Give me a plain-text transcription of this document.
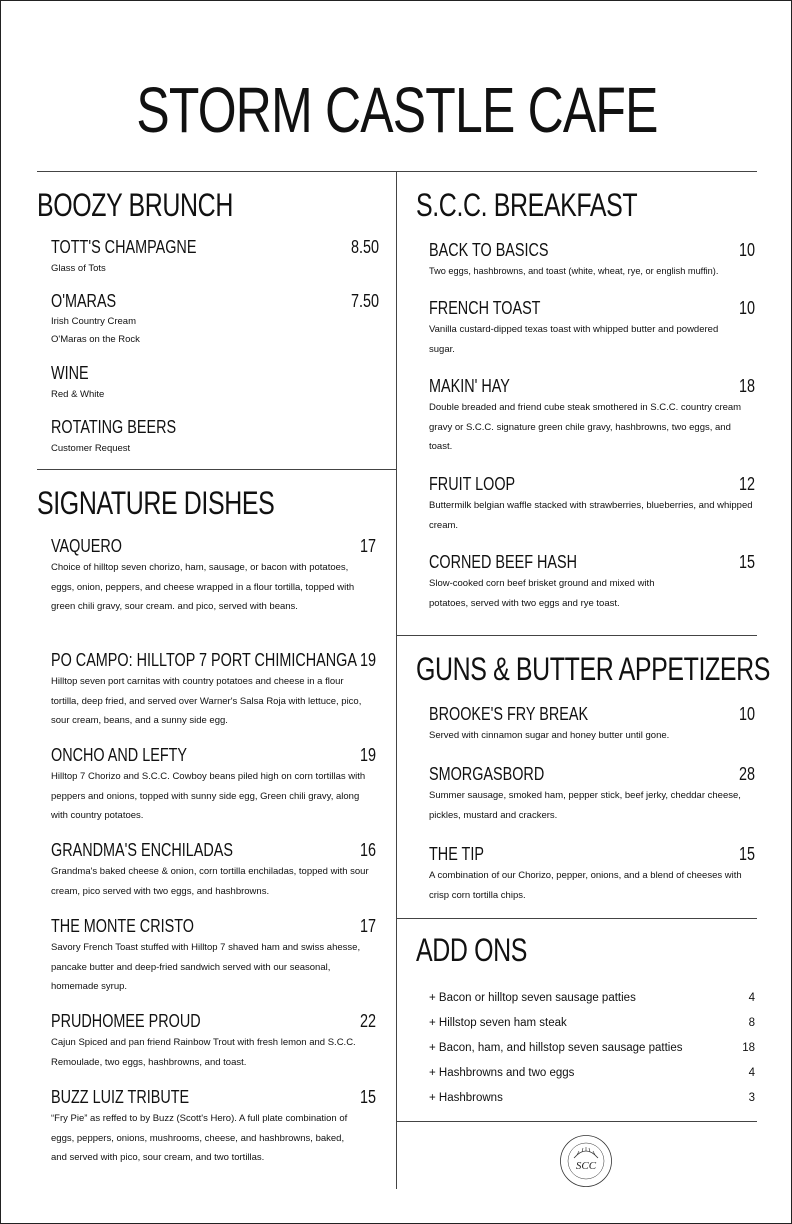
STORM CASTLE CAFE
BOOZY BRUNCH
TOTT'S CHAMPAGNE	8.50
Glass of Tots
O'MARAS	7.50
Irish Country Cream
O'Maras on the Rock
WINE
Red & White
ROTATING BEERS
Customer Request
SIGNATURE DISHES
VAQUERO	17
Choice of hilltop seven chorizo, ham, sausage, or bacon with potatoes, eggs, onion, peppers, and cheese wrapped in a flour tortilla, topped with green chili gravy, sour cream. and pico, served with beans.
PO CAMPO: HILLTOP 7 PORT CHIMICHANGA 19
Hilltop seven port carnitas with country potatoes and cheese in a flour tortilla, deep fried, and served over Warner's Salsa Roja with lettuce, pico, sour cream, beans, and a sunny side egg.
ONCHO AND LEFTY	19
Hilltop 7 Chorizo and S.C.C. Cowboy beans piled high on corn tortillas with peppers and onions, topped with sunny side egg, Green chili gravy, along with country potatoes.
GRANDMA'S ENCHILADAS	16
Grandma's baked cheese & onion, corn tortilla enchiladas, topped with sour cream, pico served with two eggs, and hashbrowns.
THE MONTE CRISTO	17
Savory French Toast stuffed with Hilltop 7 shaved ham and swiss ahesse, pancake butter and deep-fried sandwich served with our seasonal, homemade syrup.
PRUDHOMEE PROUD	22
Cajun Spiced and pan friend Rainbow Trout with fresh lemon and S.C.C. Remoulade, two eggs, hashbrowns, and toast.
BUZZ LUIZ TRIBUTE	15
“Fry Pie” as reffed to by Buzz (Scott's Hero). A full plate combination of eggs, peppers, onions, mushrooms, cheese, and hashbrowns, baked, and served with pico, sour cream, and two tortillas.
S.C.C. BREAKFAST
BACK TO BASICS	10
Two eggs, hashbrowns, and toast (white, wheat, rye, or english muffin).
FRENCH TOAST	10
Vanilla custard-dipped texas toast with whipped butter and powdered sugar.
MAKIN' HAY	18
Double breaded and friend cube steak smothered in S.C.C. country cream gravy or S.C.C. signature green chile gravy, hashbrowns, two eggs, and toast.
FRUIT LOOP	12
Buttermilk belgian waffle stacked with strawberries, blueberries, and whipped cream.
CORNED BEEF HASH	15
Slow-cooked corn beef brisket ground and mixed with potatoes, served with two eggs and rye toast.
GUNS & BUTTER APPETIZERS
BROOKE'S FRY BREAK	10
Served with cinnamon sugar and honey butter until gone.
SMORGASBORD	28
Summer sausage, smoked ham, pepper stick, beef jerky, cheddar cheese, pickles, mustard and crackers.
THE TIP	15
A combination of our Chorizo, pepper, onions, and a blend of cheeses with crisp corn tortilla chips.
ADD ONS
+ Bacon or hilltop seven sausage patties	4
+ Hillstop seven ham steak	8
+ Bacon, ham, and hillstop seven sausage patties	18
+ Hashbrowns and two eggs	4
+ Hashbrowns	3
SCC
